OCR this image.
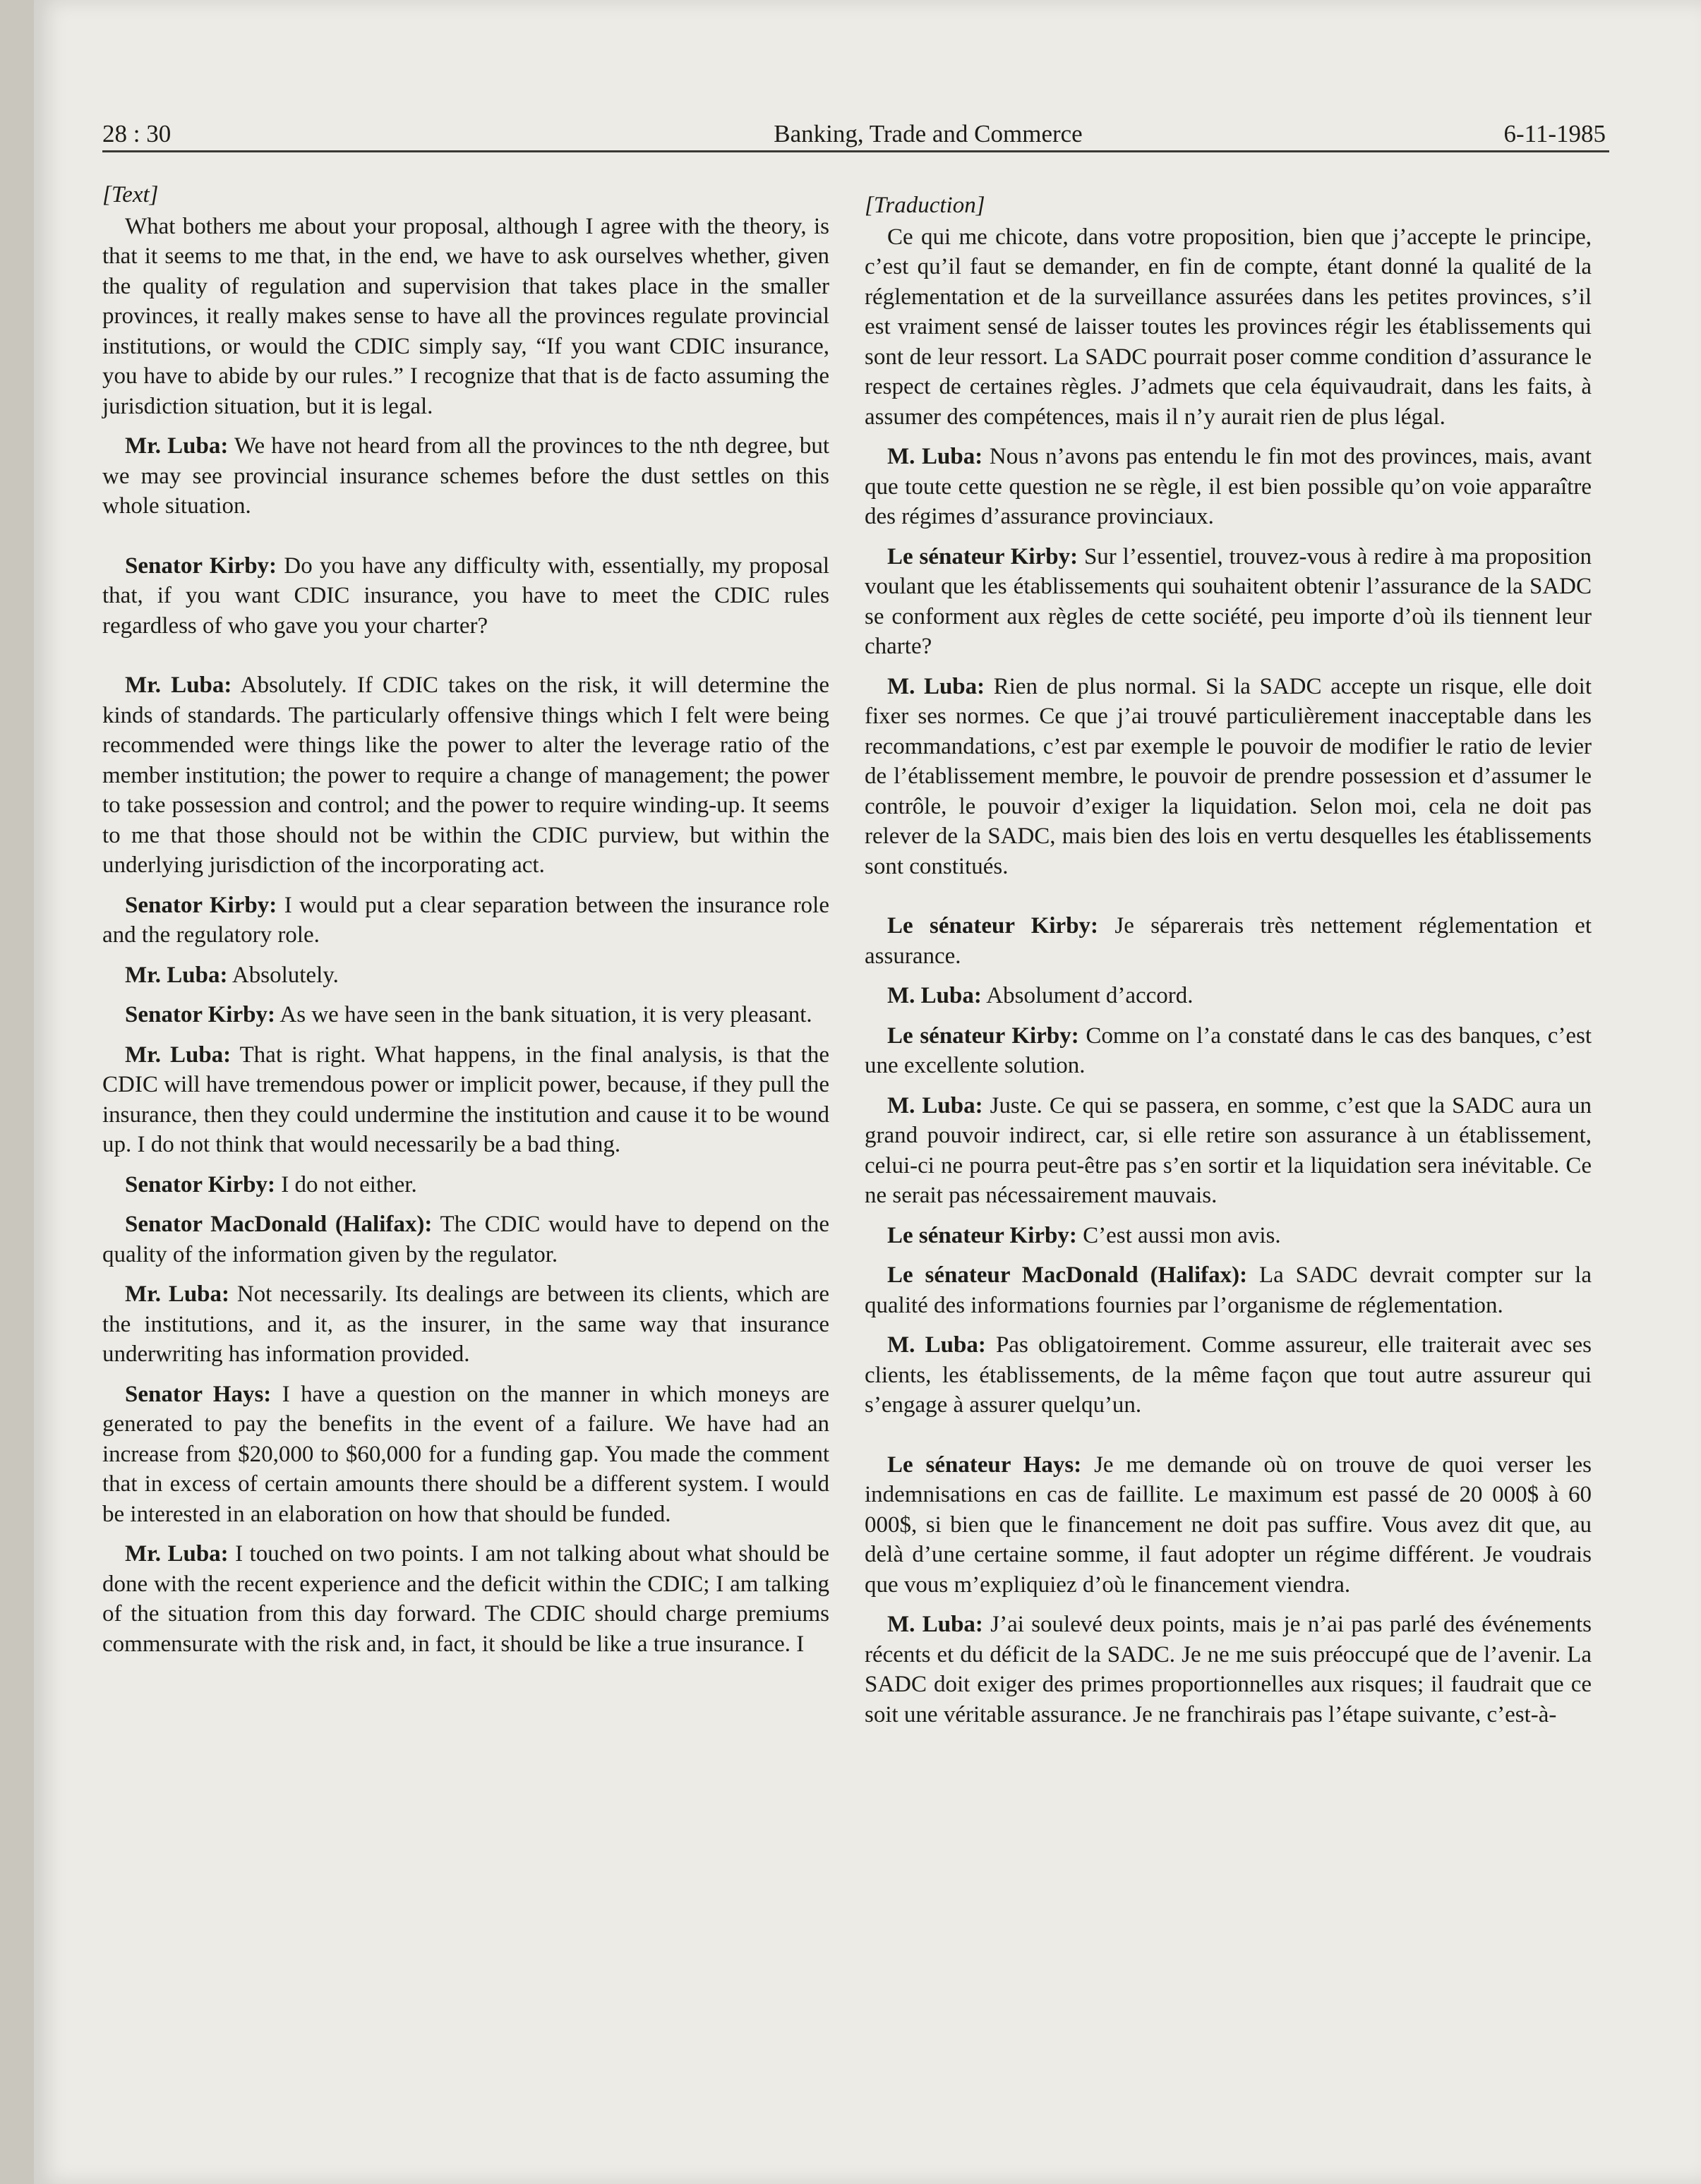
28 : 30	Banking, Trade and Commerce	6-11-1985
[Text]

What bothers me about your proposal, although I agree with the theory, is that it seems to me that, in the end, we have to ask ourselves whether, given the quality of regulation and supervision that takes place in the smaller provinces, it really makes sense to have all the provinces regulate provincial institutions, or would the CDIC simply say, “If you want CDIC insurance, you have to abide by our rules.” I recognize that that is de facto assuming the jurisdiction situation, but it is legal.

Mr. Luba: We have not heard from all the provinces to the nth degree, but we may see provincial insurance schemes before the dust settles on this whole situation.

Senator Kirby: Do you have any difficulty with, essentially, my proposal that, if you want CDIC insurance, you have to meet the CDIC rules regardless of who gave you your charter?

Mr. Luba: Absolutely. If CDIC takes on the risk, it will determine the kinds of standards. The particularly offensive things which I felt were being recommended were things like the power to alter the leverage ratio of the member institution; the power to require a change of management; the power to take possession and control; and the power to require winding-up. It seems to me that those should not be within the CDIC purview, but within the underlying jurisdiction of the incorporating act.

Senator Kirby: I would put a clear separation between the insurance role and the regulatory role.

Mr. Luba: Absolutely.

Senator Kirby: As we have seen in the bank situation, it is very pleasant.

Mr. Luba: That is right. What happens, in the final analysis, is that the CDIC will have tremendous power or implicit power, because, if they pull the insurance, then they could undermine the institution and cause it to be wound up. I do not think that would necessarily be a bad thing.

Senator Kirby: I do not either.

Senator MacDonald (Halifax): The CDIC would have to depend on the quality of the information given by the regulator.

Mr. Luba: Not necessarily. Its dealings are between its clients, which are the institutions, and it, as the insurer, in the same way that insurance underwriting has information provided.

Senator Hays: I have a question on the manner in which moneys are generated to pay the benefits in the event of a failure. We have had an increase from $20,000 to $60,000 for a funding gap. You made the comment that in excess of certain amounts there should be a different system. I would be interested in an elaboration on how that should be funded.

Mr. Luba: I touched on two points. I am not talking about what should be done with the recent experience and the deficit within the CDIC; I am talking of the situation from this day forward. The CDIC should charge premiums commensurate with the risk and, in fact, it should be like a true insurance. I

[Traduction]

Ce qui me chicote, dans votre proposition, bien que j’accepte le principe, c’est qu’il faut se demander, en fin de compte, étant donné la qualité de la réglementation et de la surveillance assurées dans les petites provinces, s’il est vraiment sensé de laisser toutes les provinces régir les établissements qui sont de leur ressort. La SADC pourrait poser comme condition d’assurance le respect de certaines règles. J’admets que cela équivaudrait, dans les faits, à assumer des compétences, mais il n’y aurait rien de plus légal.

M. Luba: Nous n’avons pas entendu le fin mot des provinces, mais, avant que toute cette question ne se règle, il est bien possible qu’on voie apparaître des régimes d’assurance provinciaux.

Le sénateur Kirby: Sur l’essentiel, trouvez-vous à redire à ma proposition voulant que les établissements qui souhaitent obtenir l’assurance de la SADC se conforment aux règles de cette société, peu importe d’où ils tiennent leur charte?

M. Luba: Rien de plus normal. Si la SADC accepte un risque, elle doit fixer ses normes. Ce que j’ai trouvé particulièrement inacceptable dans les recommandations, c’est par exemple le pouvoir de modifier le ratio de levier de l’établissement membre, le pouvoir de prendre possession et d’assumer le contrôle, le pouvoir d’exiger la liquidation. Selon moi, cela ne doit pas relever de la SADC, mais bien des lois en vertu desquelles les établissements sont constitués.

Le sénateur Kirby: Je séparerais très nettement réglementation et assurance.

M. Luba: Absolument d’accord.

Le sénateur Kirby: Comme on l’a constaté dans le cas des banques, c’est une excellente solution.

M. Luba: Juste. Ce qui se passera, en somme, c’est que la SADC aura un grand pouvoir indirect, car, si elle retire son assurance à un établissement, celui-ci ne pourra peut-être pas s’en sortir et la liquidation sera inévitable. Ce ne serait pas nécessairement mauvais.

Le sénateur Kirby: C’est aussi mon avis.

Le sénateur MacDonald (Halifax): La SADC devrait compter sur la qualité des informations fournies par l’organisme de réglementation.

M. Luba: Pas obligatoirement. Comme assureur, elle traiterait avec ses clients, les établissements, de la même façon que tout autre assureur qui s’engage à assurer quelqu’un.

Le sénateur Hays: Je me demande où on trouve de quoi verser les indemnisations en cas de faillite. Le maximum est passé de 20 000$ à 60 000$, si bien que le financement ne doit pas suffire. Vous avez dit que, au delà d’une certaine somme, il faut adopter un régime différent. Je voudrais que vous m’expliquiez d’où le financement viendra.

M. Luba: J’ai soulevé deux points, mais je n’ai pas parlé des événements récents et du déficit de la SADC. Je ne me suis préoccupé que de l’avenir. La SADC doit exiger des primes proportionnelles aux risques; il faudrait que ce soit une véritable assurance. Je ne franchirais pas l’étape suivante, c’est-à-
